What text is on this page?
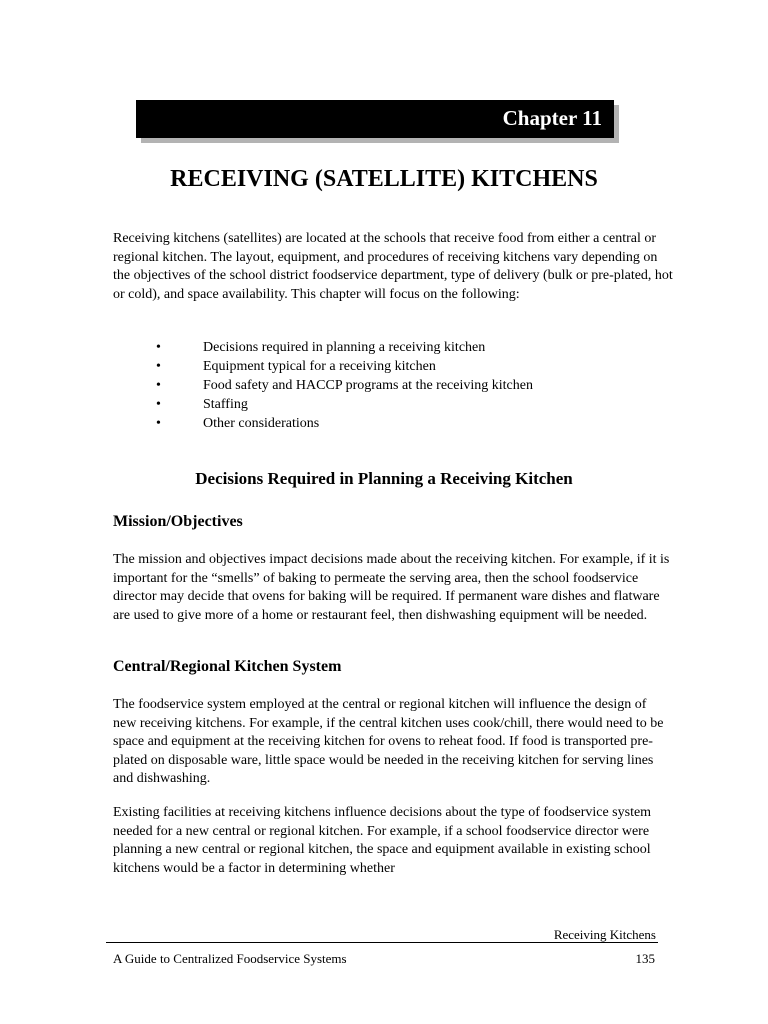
Chapter 11
RECEIVING (SATELLITE) KITCHENS

Receiving kitchens (satellites) are located at the schools that receive food from either a central or regional kitchen. The layout, equipment, and procedures of receiving kitchens vary depending on the objectives of the school district foodservice department, type of delivery (bulk or pre-plated, hot or cold), and space availability. This chapter will focus on the following:

• Decisions required in planning a receiving kitchen
• Equipment typical for a receiving kitchen
• Food safety and HACCP programs at the receiving kitchen
• Staffing
• Other considerations
Decisions Required in Planning a Receiving Kitchen
Mission/Objectives

The mission and objectives impact decisions made about the receiving kitchen. For example, if it is important for the “smells” of baking to permeate the serving area, then the school foodservice director may decide that ovens for baking will be required. If permanent ware dishes and flatware are used to give more of a home or restaurant feel, then dishwashing equipment will be needed.

Central/Regional Kitchen System

The foodservice system employed at the central or regional kitchen will influence the design of new receiving kitchens. For example, if the central kitchen uses cook/chill, there would need to be space and equipment at the receiving kitchen for ovens to reheat food. If food is transported pre-plated on disposable ware, little space would be needed in the receiving kitchen for serving lines and dishwashing.

Existing facilities at receiving kitchens influence decisions about the type of foodservice system needed for a new central or regional kitchen. For example, if a school foodservice director were planning a new central or regional kitchen, the space and equipment available in existing school kitchens would be a factor in determining whether

Receiving Kitchens

A Guide to Centralized Foodservice Systems	135
